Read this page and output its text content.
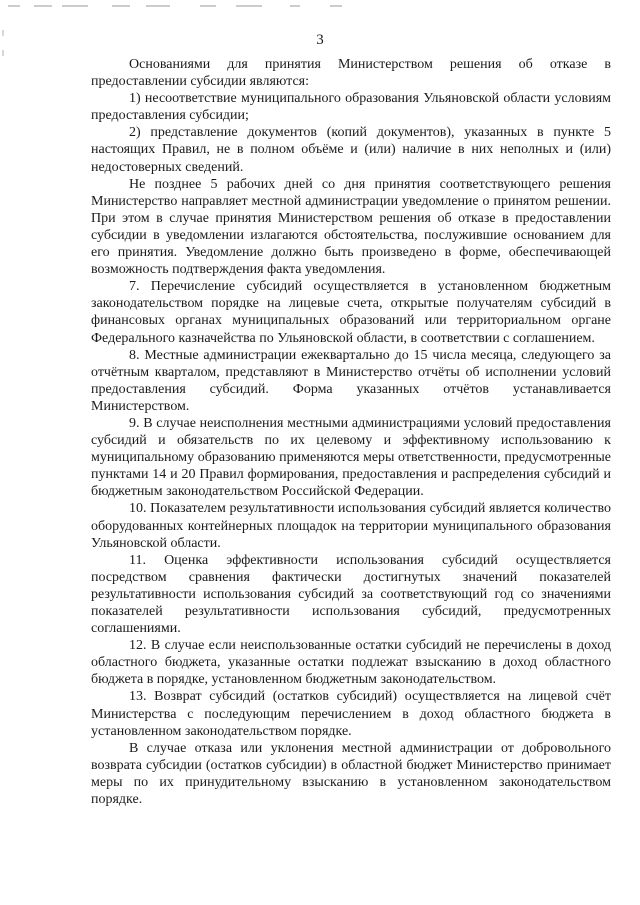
3

Основаниями для принятия Министерством решения об отказе в предоставлении субсидии являются:

1) несоответствие муниципального образования Ульяновской области условиям предоставления субсидии;

2) представление документов (копий документов), указанных в пункте 5 настоящих Правил, не в полном объёме и (или) наличие в них неполных и (или) недостоверных сведений.

Не позднее 5 рабочих дней со дня принятия соответствующего решения Министерство направляет местной администрации уведомление о принятом решении. При этом в случае принятия Министерством решения об отказе в предоставлении субсидии в уведомлении излагаются обстоятельства, послужившие основанием для его принятия. Уведомление должно быть произведено в форме, обеспечивающей возможность подтверждения факта уведомления.

7. Перечисление субсидий осуществляется в установленном бюджетным законодательством порядке на лицевые счета, открытые получателям субсидий в финансовых органах муниципальных образований или территориальном органе Федерального казначейства по Ульяновской области, в соответствии с соглашением.

8. Местные администрации ежеквартально до 15 числа месяца, следующего за отчётным кварталом, представляют в Министерство отчёты об исполнении условий предоставления субсидий. Форма указанных отчётов устанавливается Министерством.

9. В случае неисполнения местными администрациями условий предоставления субсидий и обязательств по их целевому и эффективному использованию к муниципальному образованию применяются меры ответственности, предусмотренные пунктами 14 и 20 Правил формирования, предоставления и распределения субсидий и бюджетным законодательством Российской Федерации.

10. Показателем результативности использования субсидий является количество оборудованных контейнерных площадок на территории муниципального образования Ульяновской области.

11. Оценка эффективности использования субсидий осуществляется посредством сравнения фактически достигнутых значений показателей результативности использования субсидий за соответствующий год со значениями показателей результативности использования субсидий, предусмотренных соглашениями.

12. В случае если неиспользованные остатки субсидий не перечислены в доход областного бюджета, указанные остатки подлежат взысканию в доход областного бюджета в порядке, установленном бюджетным законодательством.

13. Возврат субсидий (остатков субсидий) осуществляется на лицевой счёт Министерства с последующим перечислением в доход областного бюджета в установленном законодательством порядке.

В случае отказа или уклонения местной администрации от добровольного возврата субсидии (остатков субсидии) в областной бюджет Министерство принимает меры по их принудительному взысканию в установленном законодательством порядке.
